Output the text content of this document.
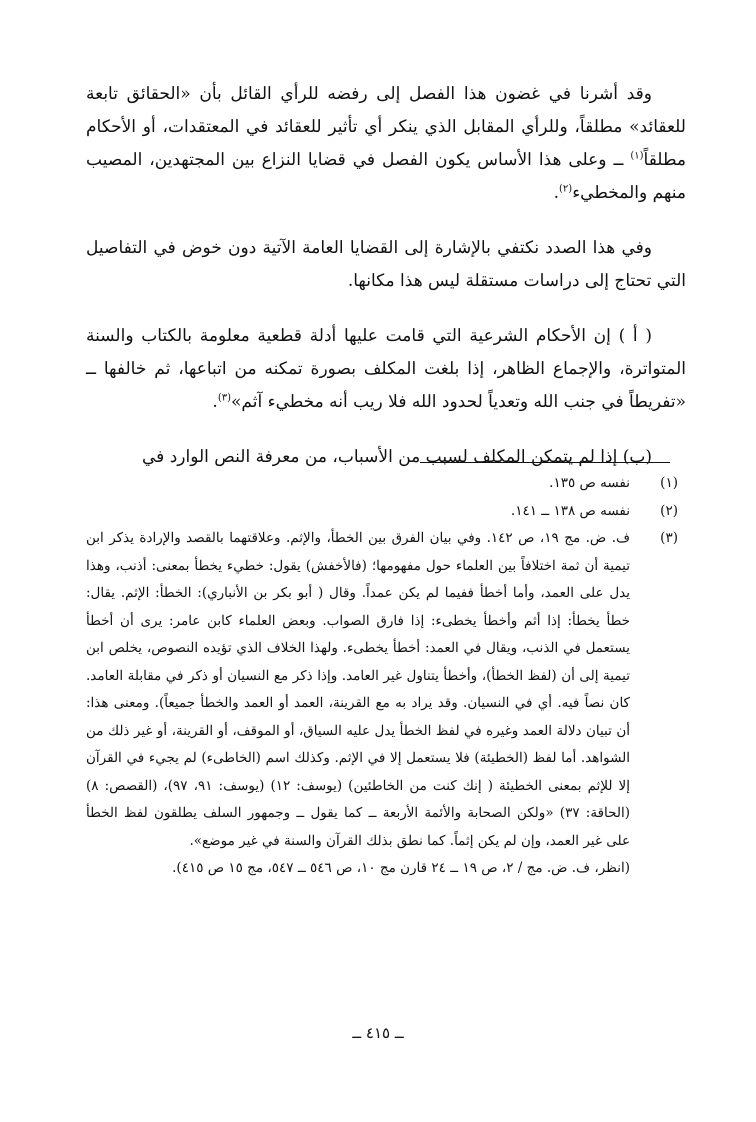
وقد أشرنا في غضون هذا الفصل إلى رفضه للرأي القائل بأن «الحقائق تابعة للعقائد» مطلقاً، وللرأي المقابل الذي ينكر أي تأثير للعقائد في المعتقدات، أو الأحكام مطلقاً$^{(١)}$ ــ وعلى هذا الأساس يكون الفصل في قضايا النزاع بين المجتهدين، المصيب منهم والمخطيء$^{(٢)}$.

وفي هذا الصدد نكتفي بالإشارة إلى القضايا العامة الآتية دون خوض في التفاصيل التي تحتاج إلى دراسات مستقلة ليس هذا مكانها.

( أ ) إن الأحكام الشرعية التي قامت عليها أدلة قطعية معلومة بالكتاب والسنة المتواترة، والإجماع الظاهر، إذا بلغت المكلف بصورة تمكنه من اتباعها، ثم خالفها ــ «تفريطاً في جنب الله وتعدياً لحدود الله فلا ريب أنه مخطيء آثم»$^{(٣)}$.

(ب) إذا لم يتمكن المكلف لسبب من الأسباب، من معرفة النص الوارد في

(١)
نفسه ص ١٣٥.
(٢)
نفسه ص ١٣٨ ــ ١٤١.
(٣)
ف. ض. مج ١٩، ص ١٤٢. وفي بيان الفرق بين الخطأ، والإثم. وعلاقتهما بالقصد والإرادة يذكر ابن تيمية أن ثمة اختلافاً بين العلماء حول مفهومها؛ (فالأخفش) يقول: خطيء يخطأ بمعنى: أذنب، وهذا يدل على العمد، وأما أخطأ ففيما لم يكن عمداً. وقال ( أبو بكر بن الأنباري): الخطأ: الإثم. يقال: خطأ يخطأ: إذا أثم وأخطأ يخطىء: إذا فارق الصواب. وبعض العلماء كابن عامر: يرى أن أخطأ يستعمل في الذنب، ويقال في العمد: أخطأ يخطىء. ولهذا الخلاف الذي تؤيده النصوص، يخلص ابن تيمية إلى أن (لفظ الخطأ)، وأخطأ يتناول غير العامد. وإذا ذكر مع النسيان أو ذكر في مقابلة العامد. كان نصاً فيه. أي في النسيان. وقد يراد به مع القرينة، العمد أو العمد والخطأ جميعاً). ومعنى هذا: أن تبيان دلالة العمد وغيره في لفظ الخطأ يدل عليه السياق، أو الموقف، أو القرينة، أو غير ذلك من الشواهد. أما لفظ (الخطيئة) فلا يستعمل إلا في الإثم. وكذلك اسم (الخاطىء) لم يجيء في القرآن إلا للإثم بمعنى الخطيئة ( إنك كنت من الخاطئين) (يوسف: ١٢) (يوسف: ٩١، ٩٧)، (القصص: ٨) (الحاقة: ٣٧) «ولكن الصحابة والأئمة الأربعة ــ كما يقول ــ وجمهور السلف يطلقون لفظ الخطأ على غير العمد، وإن لم يكن إثماً. كما نطق بذلك القرآن والسنة في غير موضع».
(انظر، ف. ض. مج / ٢، ص ١٩ ــ ٢٤ قارن مج ١٠، ص ٥٤٦ ــ ٥٤٧، مج ١٥ ص ٤١٥).
ــ ٤١٥ ــ
